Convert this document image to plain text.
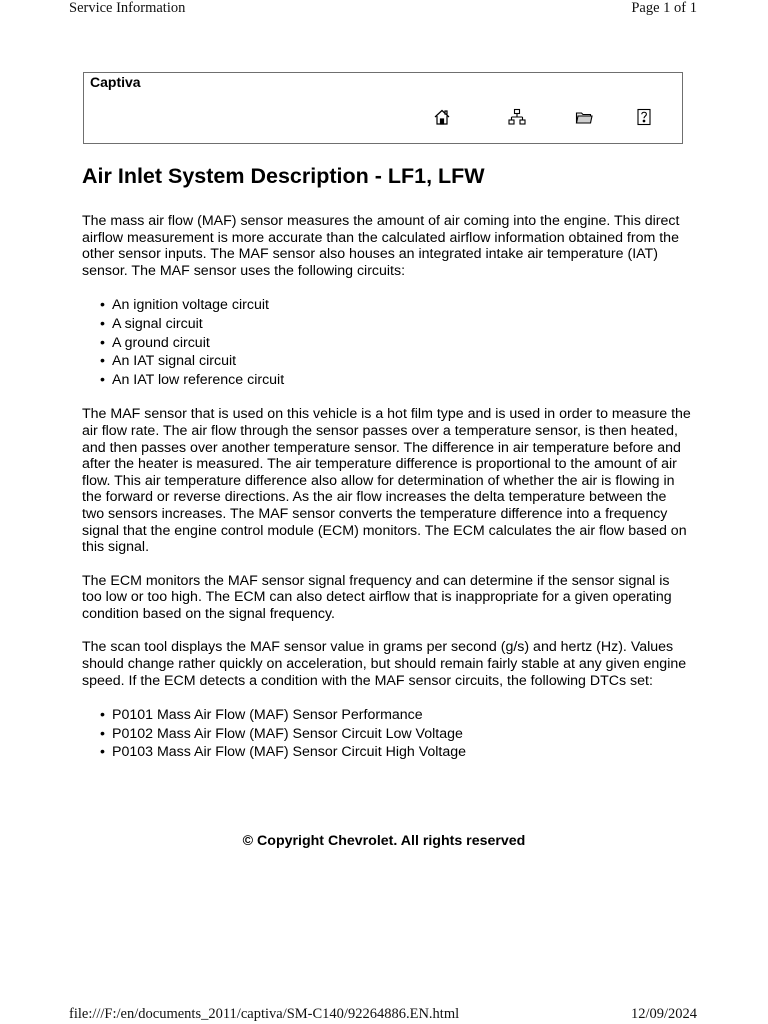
Service Information	Page 1 of 1
Captiva
Air Inlet System Description - LF1, LFW

The mass air flow (MAF) sensor measures the amount of air coming into the engine. This direct airflow measurement is more accurate than the calculated airflow information obtained from the other sensor inputs. The MAF sensor also houses an integrated intake air temperature (IAT) sensor. The MAF sensor uses the following circuits:

• An ignition voltage circuit
• A signal circuit
• A ground circuit
• An IAT signal circuit
• An IAT low reference circuit

The MAF sensor that is used on this vehicle is a hot film type and is used in order to measure the air flow rate. The air flow through the sensor passes over a temperature sensor, is then heated, and then passes over another temperature sensor. The difference in air temperature before and after the heater is measured. The air temperature difference is proportional to the amount of air flow. This air temperature difference also allow for determination of whether the air is flowing in the forward or reverse directions. As the air flow increases the delta temperature between the two sensors increases. The MAF sensor converts the temperature difference into a frequency signal that the engine control module (ECM) monitors. The ECM calculates the air flow based on this signal.

The ECM monitors the MAF sensor signal frequency and can determine if the sensor signal is too low or too high. The ECM can also detect airflow that is inappropriate for a given operating condition based on the signal frequency.

The scan tool displays the MAF sensor value in grams per second (g/s) and hertz (Hz). Values should change rather quickly on acceleration, but should remain fairly stable at any given engine speed. If the ECM detects a condition with the MAF sensor circuits, the following DTCs set:

• P0101 Mass Air Flow (MAF) Sensor Performance
• P0102 Mass Air Flow (MAF) Sensor Circuit Low Voltage
• P0103 Mass Air Flow (MAF) Sensor Circuit High Voltage
© Copyright Chevrolet. All rights reserved
file:///F:/en/documents_2011/captiva/SM-C140/92264886.EN.html	12/09/2024
